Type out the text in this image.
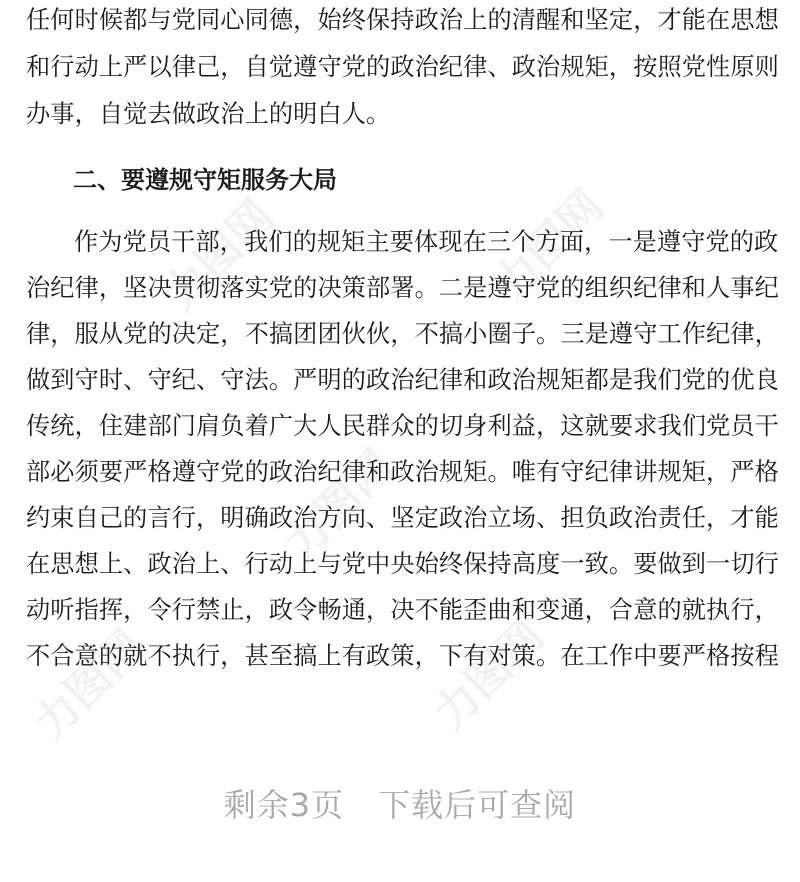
力图网	力图网
力图网
力图网	力图网
任何时候都与党同心同德，始终保持政治上的清醒和坚定，才能在思想
和行动上严以律己，自觉遵守党的政治纪律、政治规矩，按照党性原则
办事，自觉去做政治上的明白人。
二、要遵规守矩服务大局
作为党员干部，我们的规矩主要体现在三个方面，一是遵守党的政
治纪律，坚决贯彻落实党的决策部署。二是遵守党的组织纪律和人事纪
律，服从党的决定，不搞团团伙伙，不搞小圈子。三是遵守工作纪律，
做到守时、守纪、守法。严明的政治纪律和政治规矩都是我们党的优良
传统，住建部门肩负着广大人民群众的切身利益，这就要求我们党员干
部必须要严格遵守党的政治纪律和政治规矩。唯有守纪律讲规矩，严格
约束自己的言行，明确政治方向、坚定政治立场、担负政治责任，才能
在思想上、政治上、行动上与党中央始终保持高度一致。要做到一切行
动听指挥，令行禁止，政令畅通，决不能歪曲和变通，合意的就执行，
不合意的就不执行，甚至搞上有政策，下有对策。在工作中要严格按程
剩余3页 下载后可查阅
